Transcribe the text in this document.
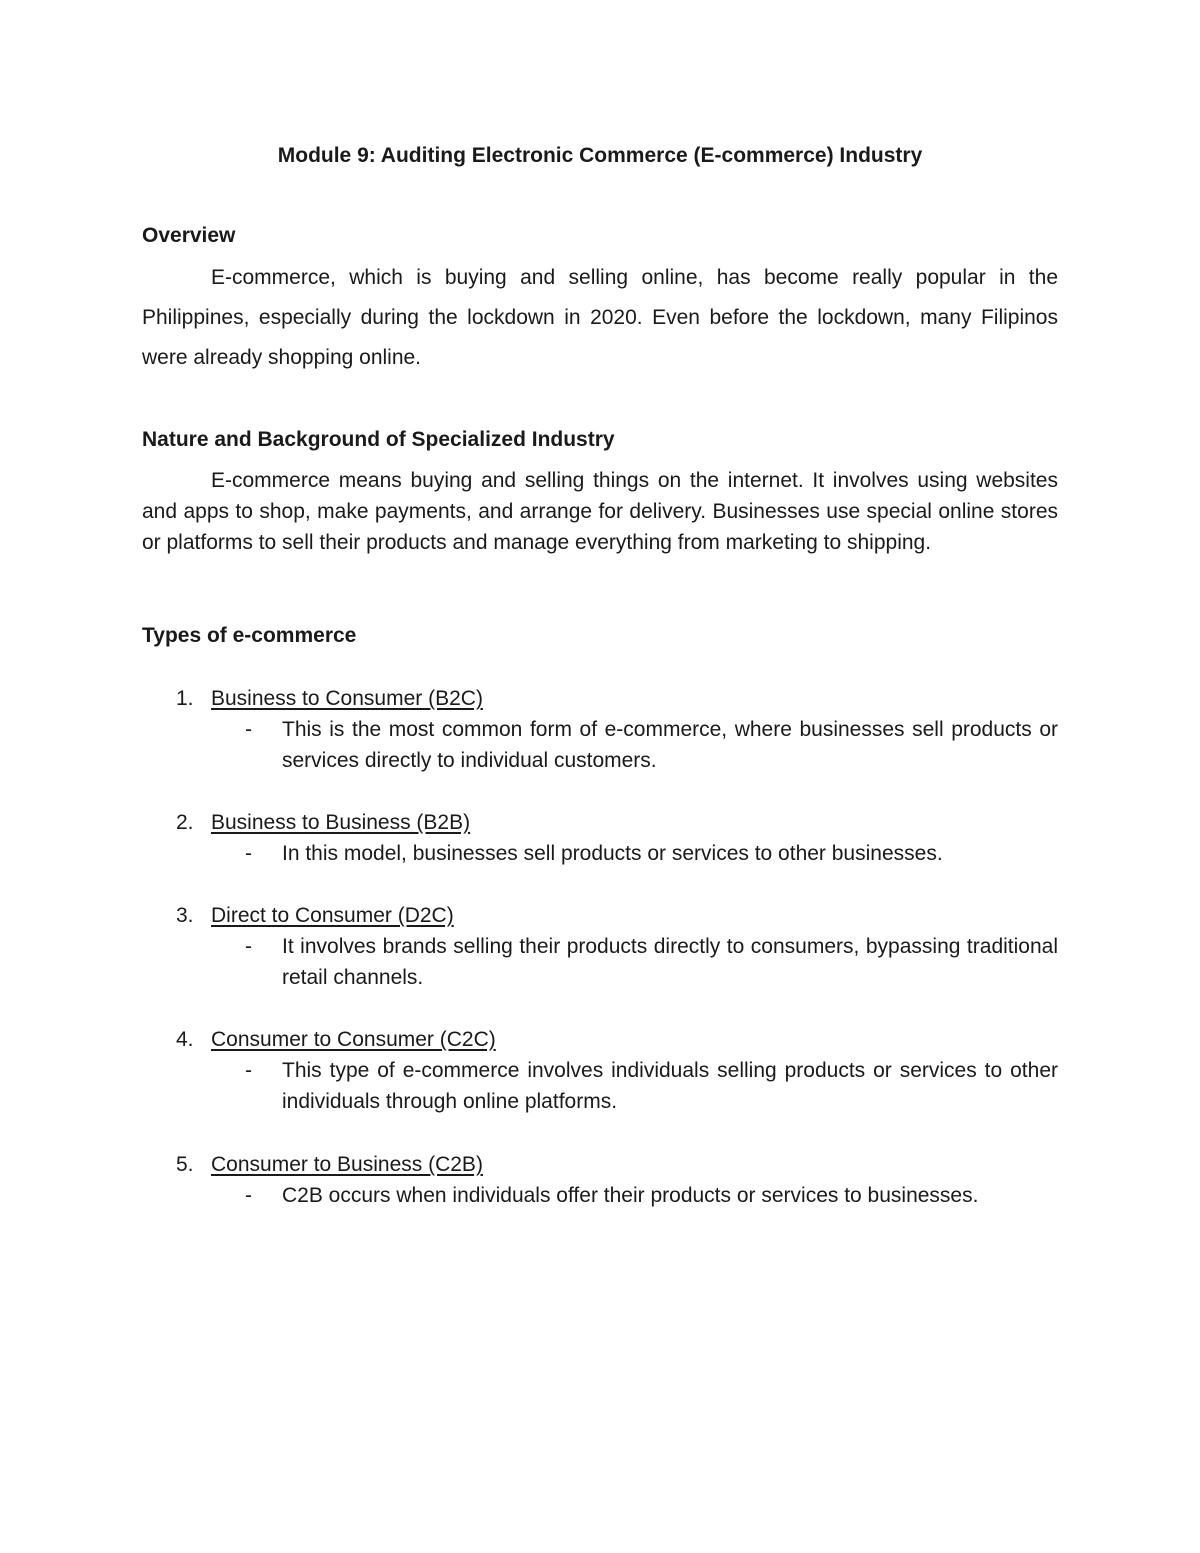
Module 9: Auditing Electronic Commerce (E-commerce) Industry
Overview
E-commerce, which is buying and selling online, has become really popular in the Philippines, especially during the lockdown in 2020. Even before the lockdown, many Filipinos were already shopping online.
Nature and Background of Specialized Industry
E-commerce means buying and selling things on the internet. It involves using websites and apps to shop, make payments, and arrange for delivery. Businesses use special online stores or platforms to sell their products and manage everything from marketing to shipping.
Types of e-commerce
1. Business to Consumer (B2C)
- This is the most common form of e-commerce, where businesses sell products or services directly to individual customers.
2. Business to Business (B2B)
- In this model, businesses sell products or services to other businesses.
3. Direct to Consumer (D2C)
- It involves brands selling their products directly to consumers, bypassing traditional retail channels.
4. Consumer to Consumer (C2C)
- This type of e-commerce involves individuals selling products or services to other individuals through online platforms.
5. Consumer to Business (C2B)
- C2B occurs when individuals offer their products or services to businesses.
